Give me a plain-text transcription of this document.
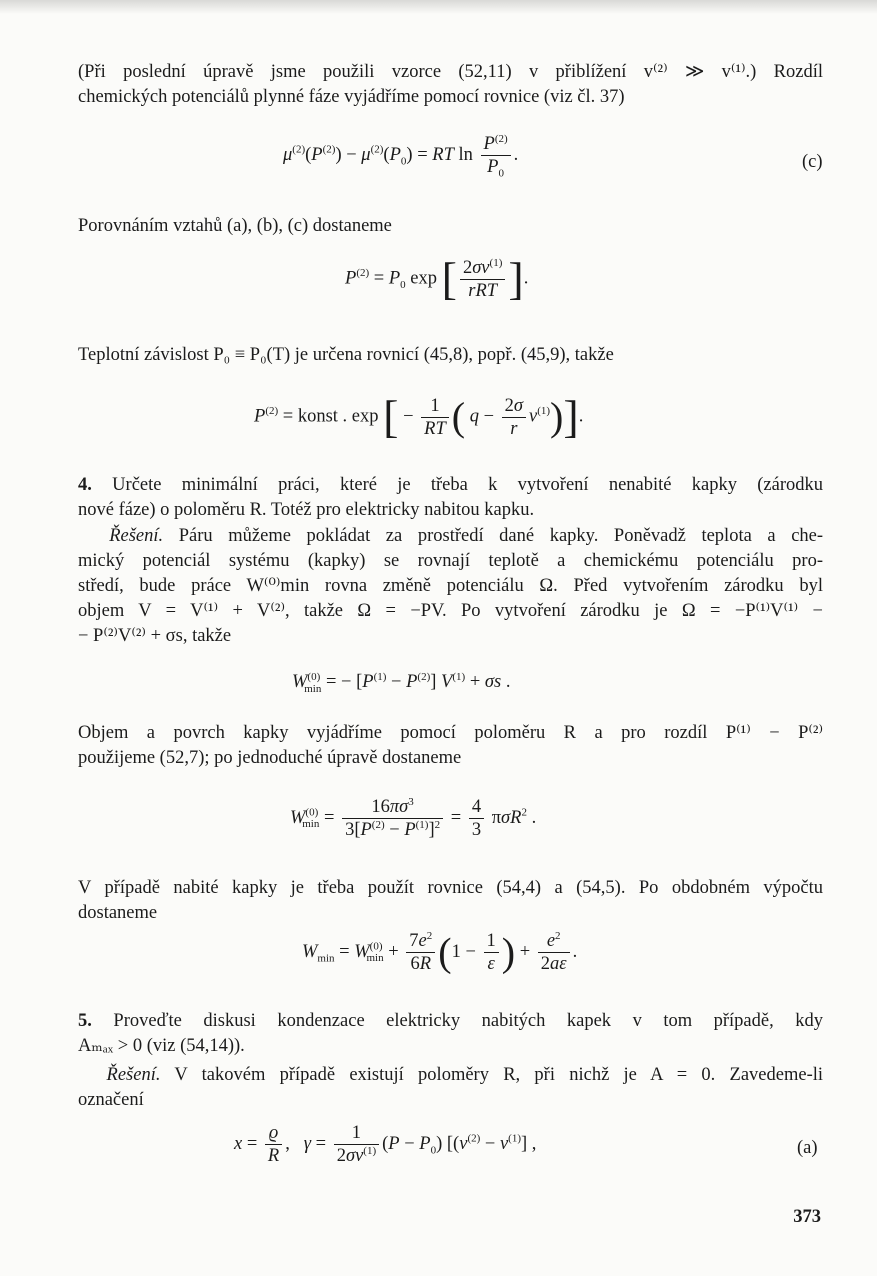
(Při poslední úpravě jsme použili vzorce (52,11) v přiblížení v⁽²⁾ ≫ v⁽¹⁾.) Rozdíl
chemických potenciálů plynné fáze vyjádříme pomocí rovnice (viz čl. 37)
$\mu^{(2)}(P^{(2)}) - \mu^{(2)}(P_0)$ = RT $\ln \frac{P^{(2)}}{P_0}$ .	(c)
Porovnáním vztahů (a), (b), (c) dostaneme
$P^{(2)} = P_0$ exp [ $\frac{2\sigma v^{(1)}}{\text{rRT}}$ ].
Teplotní závislost P₀ ≡ P₀(T) je určena rovnicí (45,8), popř. (45,9), takže
$P^{(2)}$ = konst . exp [ − $\frac{1}{RT}$ ( $q - \frac{2\sigma}{r} v^{(1)}$)].
4. Určete minimální práci, které je třeba k vytvoření nenabité kapky (zárodku
nové fáze) o poloměru R. Totéž pro elektricky nabitou kapku.
Řešení. Páru můžeme pokládat za prostředí dané kapky. Poněvadž teplota a che-
mický potenciál systému (kapky) se rovnají teplotě a chemickému potenciálu pro-
středí, bude práce W⁽⁰⁾min rovna změně potenciálu Ω. Před vytvořením zárodku byl
objem V = V⁽¹⁾ + V⁽²⁾, takže Ω = −PV. Po vytvoření zárodku je Ω = −P⁽¹⁾V⁽¹⁾ −
− P⁽²⁾V⁽²⁾ + σs, takže
$W^{(0)}_{min}$ = − $[P^{(1)} - P^{(2)}] V^{(1)} + \sigma s$ .
Objem a povrch kapky vyjádříme pomocí poloměru R a pro rozdíl P⁽¹⁾ − P⁽²⁾
použijeme (52,7); po jednoduché úpravě dostaneme
$W^{(0)}_{min} = \frac{16\pi\sigma^3}{3[P^{(2)} - P^{(1)}]^2} = \frac{4}{3} \pi\sigma R^2$ .
V případě nabité kapky je třeba použít rovnice (54,4) a (54,5). Po obdobném výpočtu
dostaneme
$W_{min} = W^{(0)}_{min} + \frac{7e^2}{6R} (1 - \frac{1}{\varepsilon}$ ) + $\frac{e^2}{2a\varepsilon}$ .
5. Proveďte diskusi kondenzace elektricky nabitých kapek v tom případě, kdy
Aₘₐₓ > 0 (viz (54,14)).
Řešení. V takovém případě existují poloměry R, při nichž je A = 0. Zavedeme-li
označení
$x = \frac{ϱ}{R}$ ,   $\gamma = \frac{1}{2\sigma v^{(1)}} (P - P_0) [(v^{(2)} - v^{(1)}]$ ,	(a)
373
